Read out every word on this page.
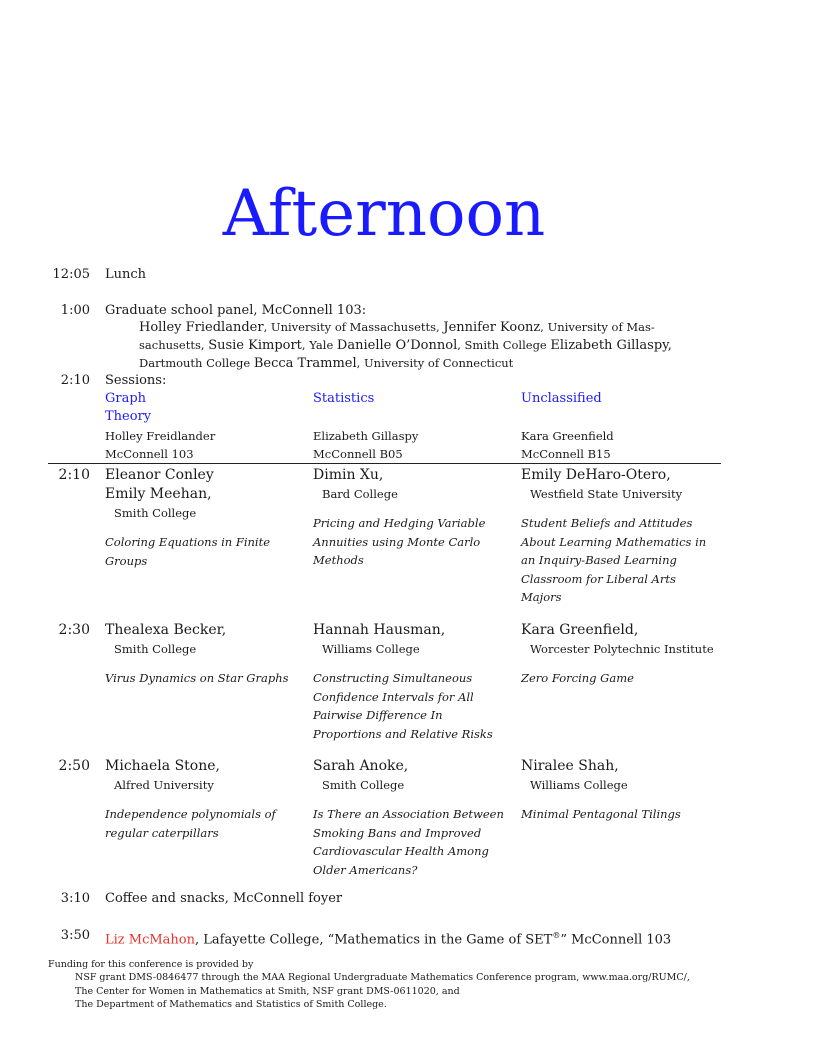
Afternoon
12:05 Lunch
1:00 Graduate school panel, McConnell 103:
Holley Friedlander, University of Massachusetts, Jennifer Koonz, University of Mas-
sachusetts, Susie Kimport, Yale Danielle O’Donnol, Smith College Elizabeth Gillaspy,
Dartmouth College Becca Trammel, University of Connecticut
2:10 Sessions:
Graph
Theory
Holley Freidlander
McConnell 103
Statistics
Elizabeth Gillaspy
McConnell B05
Unclassified
Kara Greenfield
McConnell B15
2:10 Eleanor Conley
Emily Meehan,
Smith College
Coloring Equations in Finite
Groups
Dimin Xu,
Bard College
Pricing and Hedging Variable
Annuities using Monte Carlo
Methods
Emily DeHaro-Otero,
Westfield State University
Student Beliefs and Attitudes
About Learning Mathematics in
an Inquiry-Based Learning
Classroom for Liberal Arts
Majors
2:30 Thealexa Becker,
Smith College
Virus Dynamics on Star Graphs
Hannah Hausman,
Williams College
Constructing Simultaneous
Confidence Intervals for All
Pairwise Difference In
Proportions and Relative Risks
Kara Greenfield,
Worcester Polytechnic Institute
Zero Forcing Game
2:50 Michaela Stone,
Alfred University
Independence polynomials of
regular caterpillars
Sarah Anoke,
Smith College
Is There an Association Between
Smoking Bans and Improved
Cardiovascular Health Among
Older Americans?
Niralee Shah,
Williams College
Minimal Pentagonal Tilings
3:10 Coffee and snacks, McConnell foyer
3:50 Liz McMahon, Lafayette College, “Mathematics in the Game of SET®” McConnell 103
Funding for this conference is provided by
NSF grant DMS-0846477 through the MAA Regional Undergraduate Mathematics Conference program, www.maa.org/RUMC/,
The Center for Women in Mathematics at Smith, NSF grant DMS-0611020, and
The Department of Mathematics and Statistics of Smith College.
